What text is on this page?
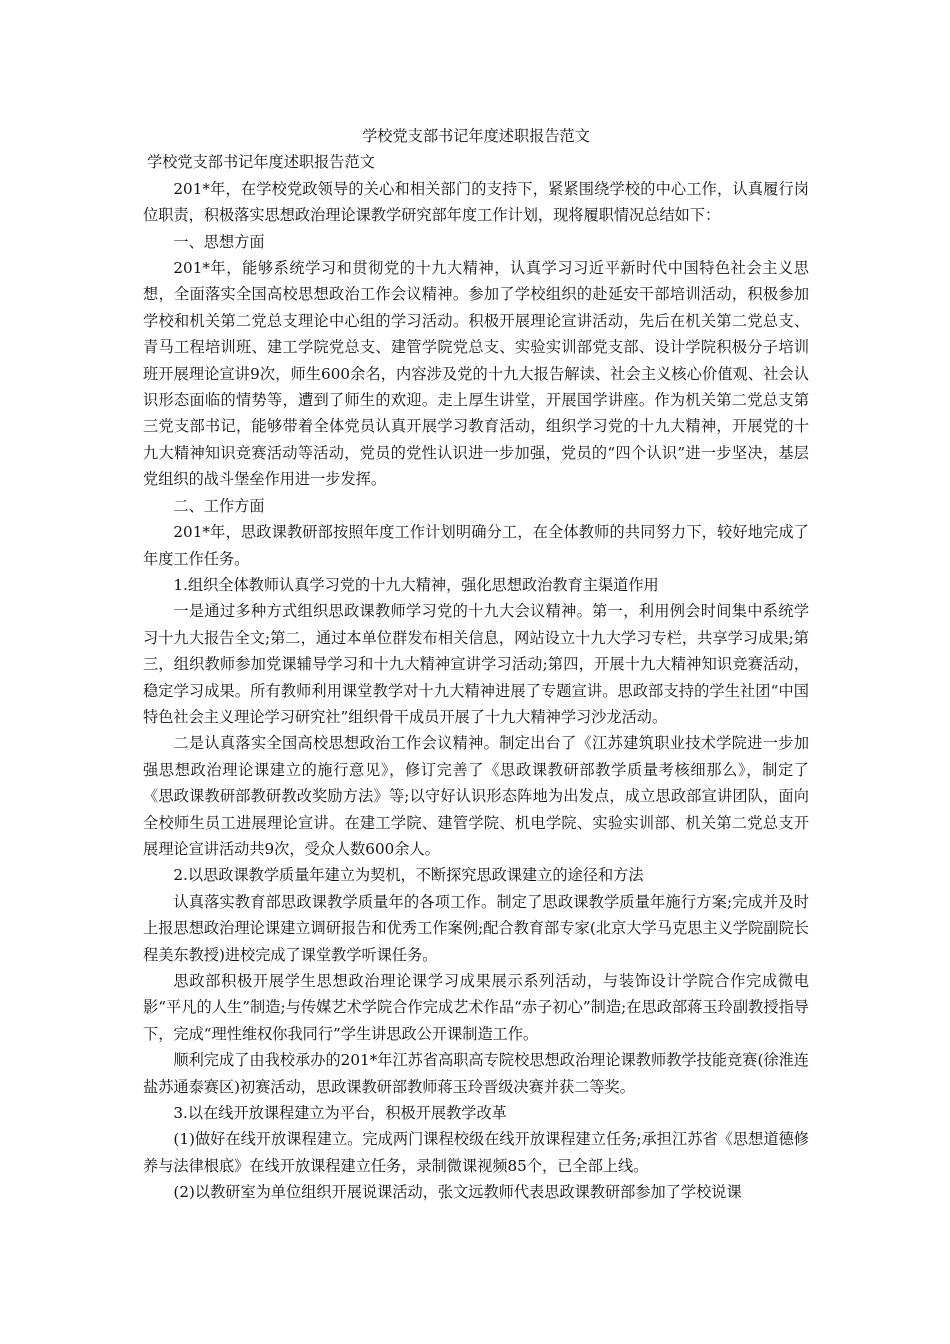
学校党支部书记年度述职报告范文

学校党支部书记年度述职报告范文

201*年，在学校党政领导的关心和相关部门的支持下，紧紧围绕学校的中心工作，认真履行岗位职责，积极落实思想政治理论课教学研究部年度工作计划，现将履职情况总结如下：

一、思想方面

201*年，能够系统学习和贯彻党的十九大精神，认真学习习近平新时代中国特色社会主义思想，全面落实全国高校思想政治工作会议精神。参加了学校组织的赴延安干部培训活动，积极参加学校和机关第二党总支理论中心组的学习活动。积极开展理论宣讲活动，先后在机关第二党总支、青马工程培训班、建工学院党总支、建管学院党总支、实验实训部党支部、设计学院积极分子培训班开展理论宣讲9次，师生600余名，内容涉及党的十九大报告解读、社会主义核心价值观、社会认识形态面临的情势等，遭到了师生的欢迎。走上厚生讲堂，开展国学讲座。作为机关第二党总支第三党支部书记，能够带着全体党员认真开展学习教育活动，组织学习党的十九大精神，开展党的十九大精神知识竞赛活动等活动，党员的党性认识进一步加强，党员的“四个认识”进一步坚决，基层党组织的战斗堡垒作用进一步发挥。

二、工作方面

201*年，思政课教研部按照年度工作计划明确分工，在全体教师的共同努力下，较好地完成了年度工作任务。

1.组织全体教师认真学习党的十九大精神，强化思想政治教育主渠道作用

一是通过多种方式组织思政课教师学习党的十九大会议精神。第一，利用例会时间集中系统学习十九大报告全文;第二，通过本单位群发布相关信息，网站设立十九大学习专栏，共享学习成果;第三，组织教师参加党课辅导学习和十九大精神宣讲学习活动;第四，开展十九大精神知识竞赛活动，稳定学习成果。所有教师利用课堂教学对十九大精神进展了专题宣讲。思政部支持的学生社团“中国特色社会主义理论学习研究社”组织骨干成员开展了十九大精神学习沙龙活动。

二是认真落实全国高校思想政治工作会议精神。制定出台了《江苏建筑职业技术学院进一步加强思想政治理论课建立的施行意见》，修订完善了《思政课教研部教学质量考核细那么》，制定了《思政课教研部教研教改奖励方法》等;以守好认识形态阵地为出发点，成立思政部宣讲团队，面向全校师生员工进展理论宣讲。在建工学院、建管学院、机电学院、实验实训部、机关第二党总支开展理论宣讲活动共9次，受众人数600余人。

2.以思政课教学质量年建立为契机，不断探究思政课建立的途径和方法

认真落实教育部思政课教学质量年的各项工作。制定了思政课教学质量年施行方案;完成并及时上报思想政治理论课建立调研报告和优秀工作案例;配合教育部专家(北京大学马克思主义学院副院长程美东教授)进校完成了课堂教学听课任务。

思政部积极开展学生思想政治理论课学习成果展示系列活动，与装饰设计学院合作完成微电影“平凡的人生”制造;与传媒艺术学院合作完成艺术作品“赤子初心”制造;在思政部蒋玉玲副教授指导下，完成“理性维权你我同行”学生讲思政公开课制造工作。

顺利完成了由我校承办的201*年江苏省高职高专院校思想政治理论课教师教学技能竞赛(徐淮连盐苏通泰赛区)初赛活动，思政课教研部教师蒋玉玲晋级决赛并获二等奖。

3.以在线开放课程建立为平台，积极开展教学改革

(1)做好在线开放课程建立。完成两门课程校级在线开放课程建立任务;承担江苏省《思想道德修养与法律根底》在线开放课程建立任务，录制微课视频85个，已全部上线。

(2)以教研室为单位组织开展说课活动，张文远教师代表思政课教研部参加了学校说课
